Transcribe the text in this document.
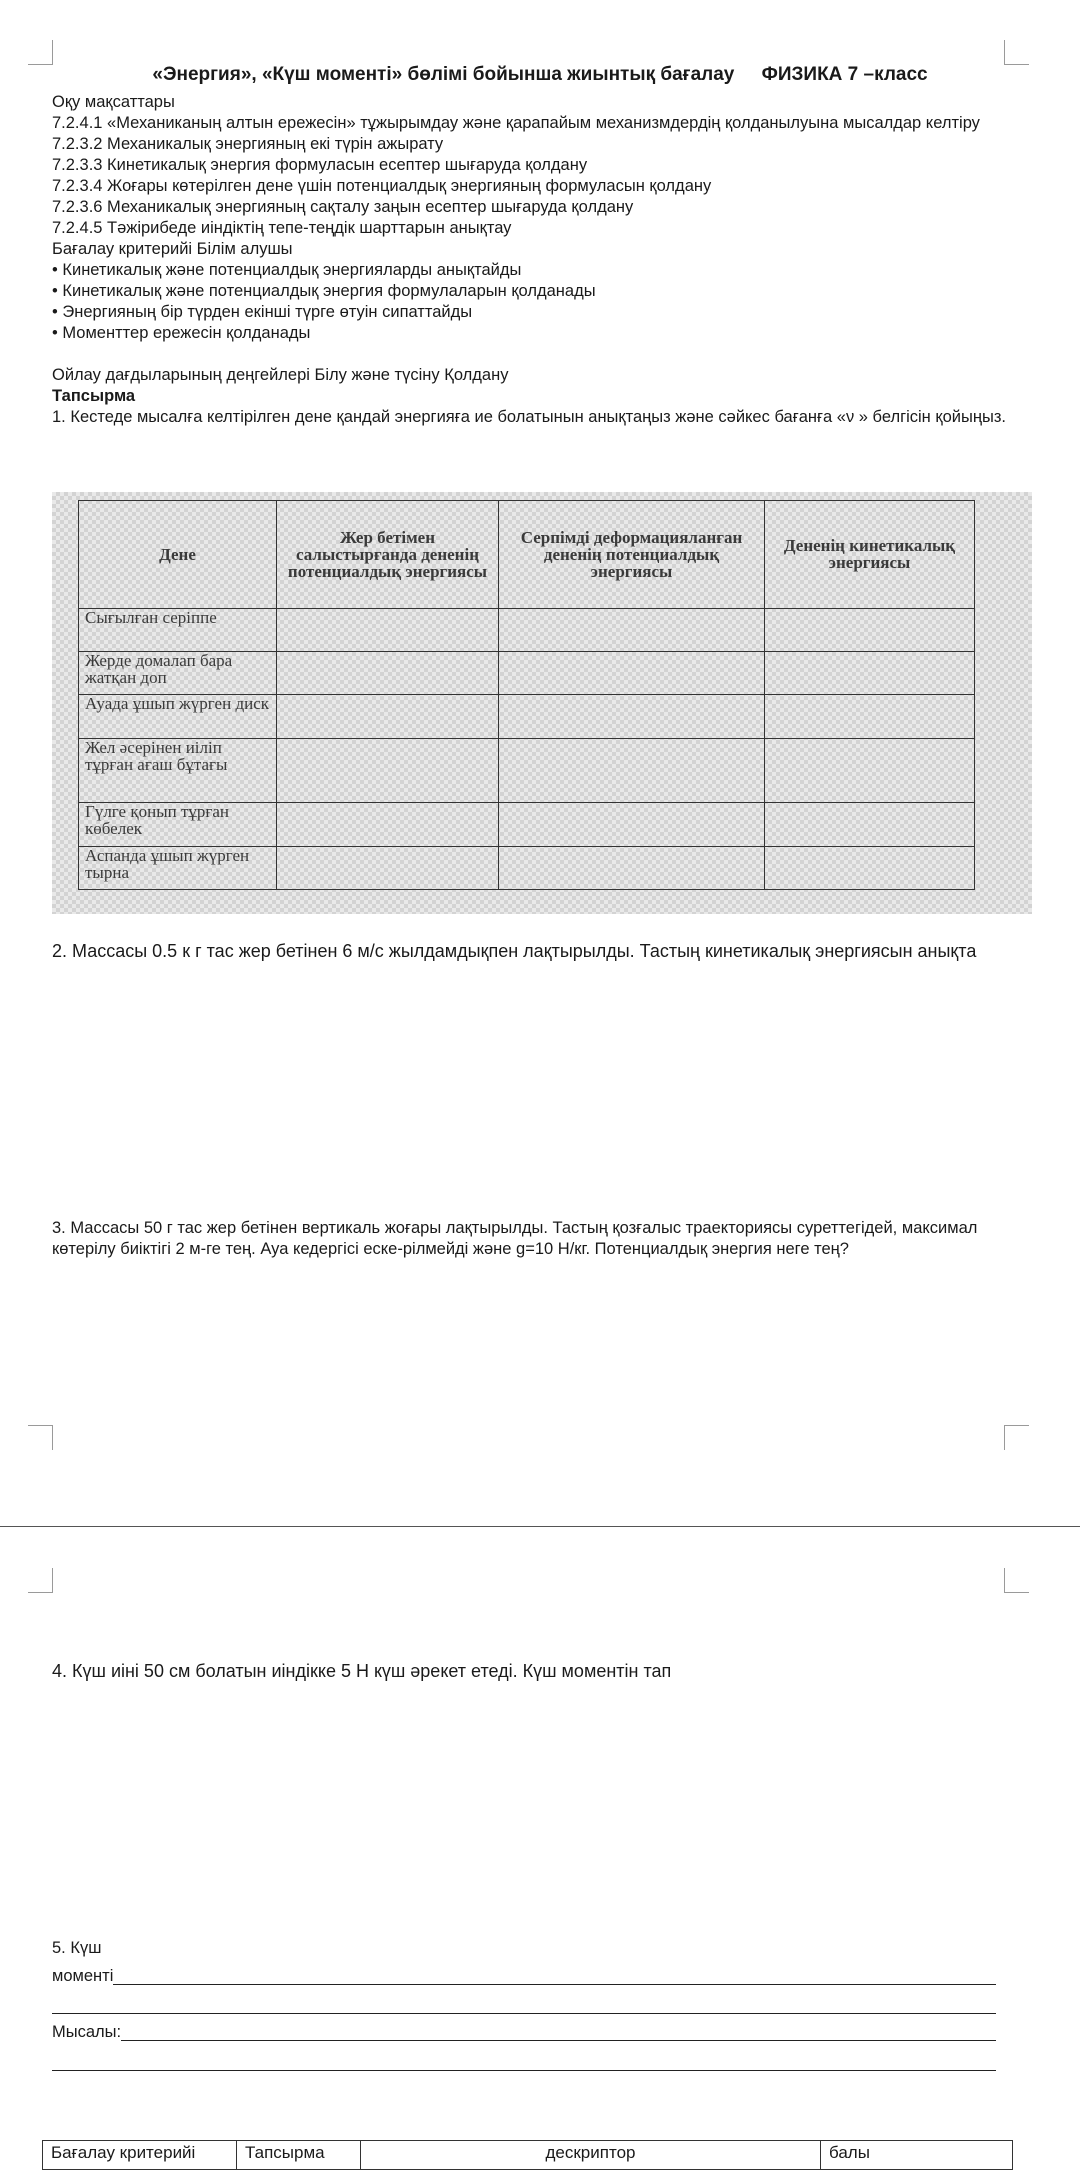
«Энергия», «Күш моменті» бөлімі бойынша жиынтық бағалау ФИЗИКА 7 –класс
Оқу мақсаттары
7.2.4.1 «Механиканың алтын ережесін» тұжырымдау және қарапайым механизмдердің қолданылуына мысалдар келтіру
7.2.3.2 Механикалық энергияның екі түрін ажырату
7.2.3.3 Кинетикалық энергия формуласын есептер шығаруда қолдану
7.2.3.4 Жоғары көтерілген дене үшін потенциалдық энергияның формуласын қолдану
7.2.3.6 Механикалық энергияның сақталу заңын есептер шығаруда қолдану
7.2.4.5 Тәжірибеде иіндіктің тепе-теңдік шарттарын анықтау
Бағалау критерийі Білім алушы
• Кинетикалық және потенциалдық энергияларды анықтайды
• Кинетикалық және потенциалдық энергия формулаларын қолданады
• Энергияның бір түрден екінші түрге өтуін сипаттайды
• Моменттер ережесін қолданады
Ойлау дағдыларының деңгейлері Білу және түсіну Қолдану
Тапсырма
1. Кестеде мысалға келтірілген дене қандай энергияға ие болатынын анықтаңыз және сәйкес бағанға «ν » белгісін қойыңыз.
Дене	Жер бетімен салыстырғанда дененің потенциалдық энергиясы	Серпімді деформацияланған дененің потенциалдық энергиясы	Дененің кинетикалық энергиясы
Сығылған серіппе			
Жерде домалап бара жатқан доп			
Ауада ұшып жүрген диск			
Жел әсерінен иіліп тұрған ағаш бұтағы			
Гүлге қонып тұрған көбелек			
Аспанда ұшып жүрген тырна			
2. Массасы 0.5 к г тас жер бетінен 6 м/с жылдамдықпен лақтырылды. Тастың кинетикалық энергиясын анықта
3. Массасы 50 г тас жер бетінен вертикаль жоғары лақтырылды. Тастың қозғалыс траекториясы суреттегідей, максимал көтерілу биіктігі 2 м-ге тең. Ауа кедергісі еске-рілмейді және g=10 Н/кг. Потенциалдық энергия неге тең?
4. Күш иіні 50 см болатын иіндікке 5 Н күш әрекет етеді. Күш моментін тап
5. Күш
моменті
Мысалы:
Бағалау критерийі	Тапсырма	дескриптор	балы
